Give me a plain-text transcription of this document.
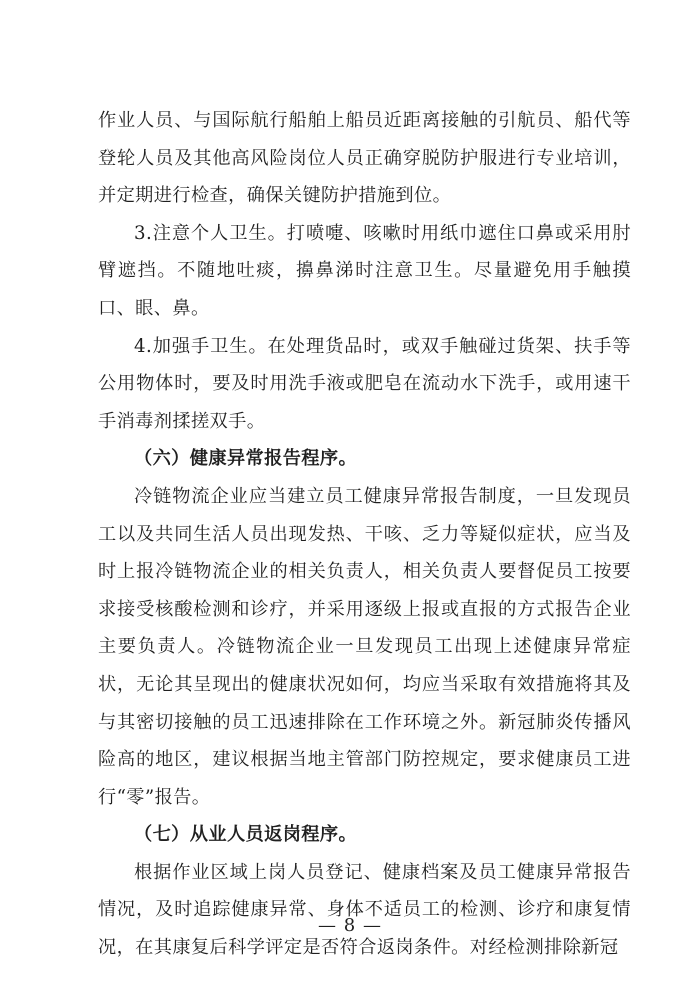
作业人员、与国际航行船舶上船员近距离接触的引航员、船代等登轮人员及其他高风险岗位人员正确穿脱防护服进行专业培训，并定期进行检查，确保关键防护措施到位。

3.注意个人卫生。打喷嚏、咳嗽时用纸巾遮住口鼻或采用肘臂遮挡。不随地吐痰，擤鼻涕时注意卫生。尽量避免用手触摸口、眼、鼻。

4.加强手卫生。在处理货品时，或双手触碰过货架、扶手等公用物体时，要及时用洗手液或肥皂在流动水下洗手，或用速干手消毒剂揉搓双手。

（六）健康异常报告程序。

冷链物流企业应当建立员工健康异常报告制度，一旦发现员工以及共同生活人员出现发热、干咳、乏力等疑似症状，应当及时上报冷链物流企业的相关负责人，相关负责人要督促员工按要求接受核酸检测和诊疗，并采用逐级上报或直报的方式报告企业主要负责人。冷链物流企业一旦发现员工出现上述健康异常症状，无论其呈现出的健康状况如何，均应当采取有效措施将其及与其密切接触的员工迅速排除在工作环境之外。新冠肺炎传播风险高的地区，建议根据当地主管部门防控规定，要求健康员工进行“零”报告。

（七）从业人员返岗程序。

根据作业区域上岗人员登记、健康档案及员工健康异常报告情况，及时追踪健康异常、身体不适员工的检测、诊疗和康复情况，在其康复后科学评定是否符合返岗条件。对经检测排除新冠

— 8 —
